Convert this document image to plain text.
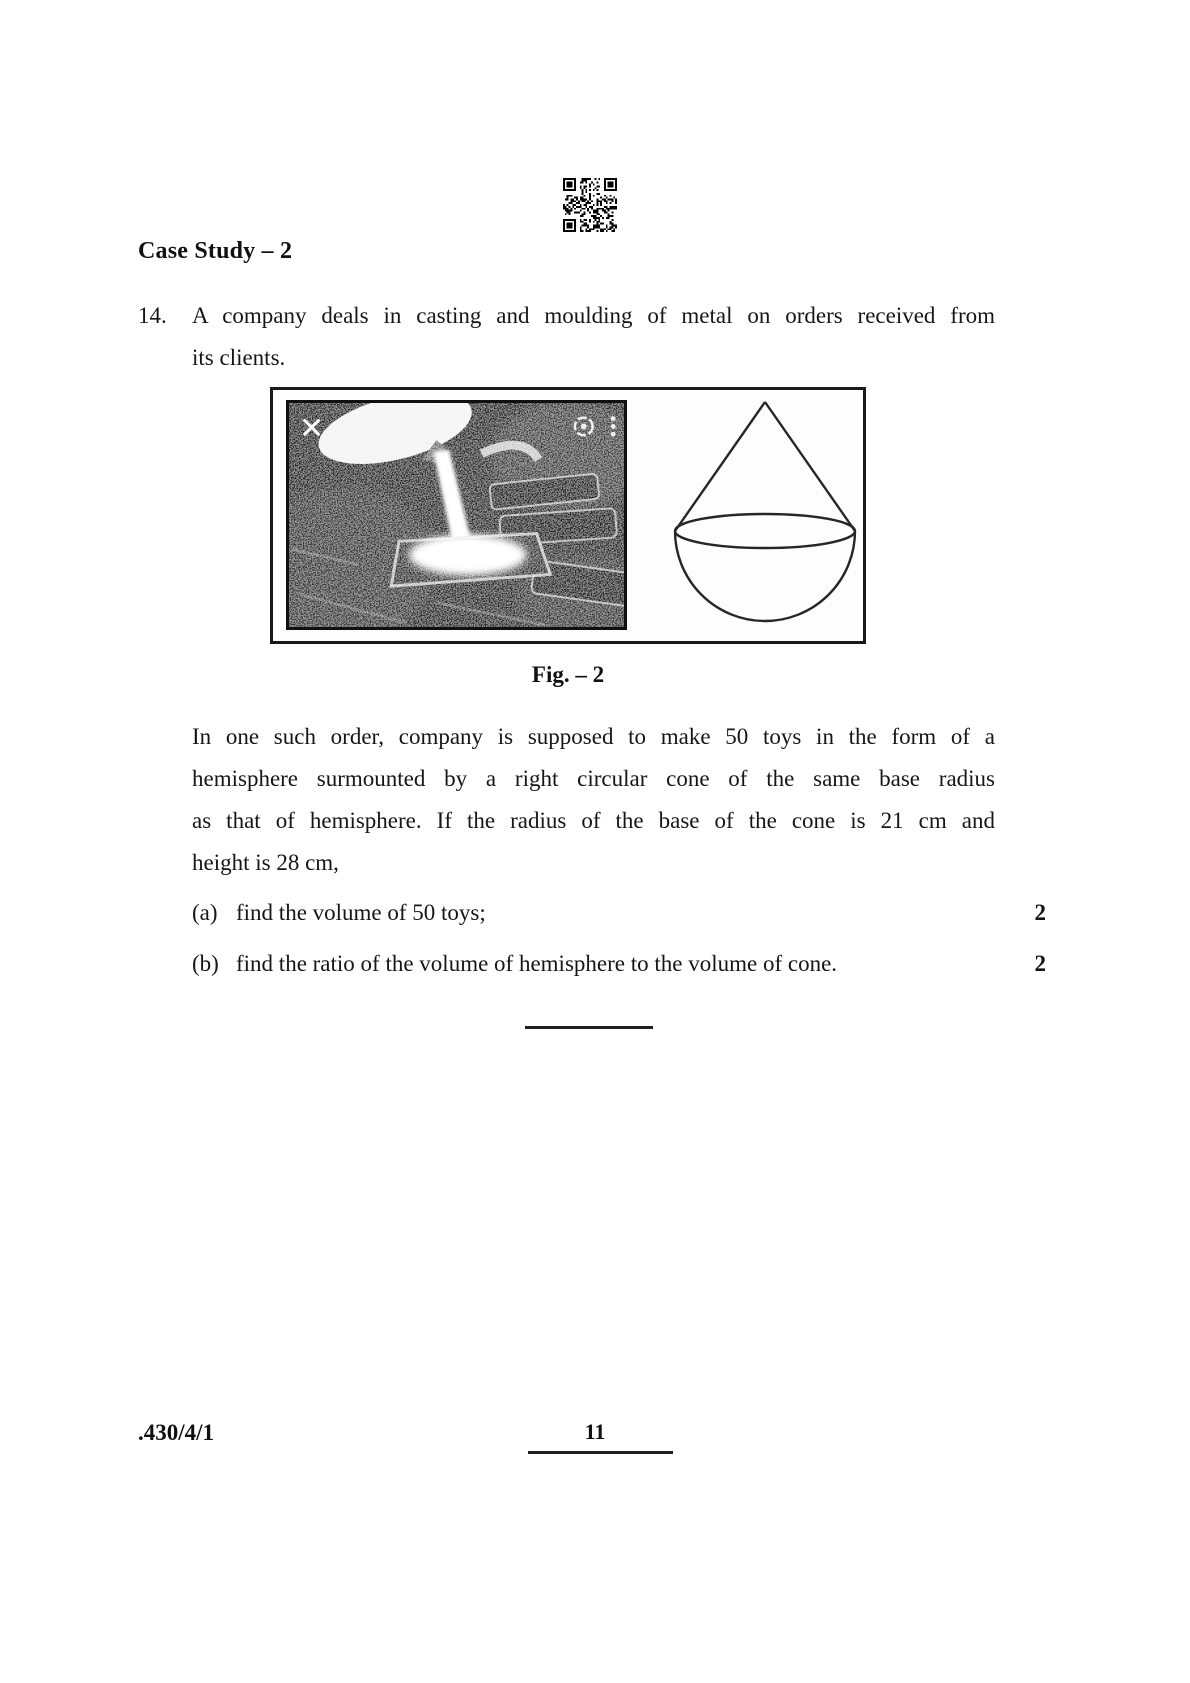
Case Study – 2
14. A company deals in casting and moulding of metal on orders received from
its clients.
Fig. – 2
In one such order, company is supposed to make 50 toys in the form of a
hemisphere surmounted by a right circular cone of the same base radius
as that of hemisphere. If the radius of the base of the cone is 21 cm and
height is 28 cm,
(a) find the volume of 50 toys;	2
(b) find the ratio of the volume of hemisphere to the volume of cone.	2
.430/4/1	11
